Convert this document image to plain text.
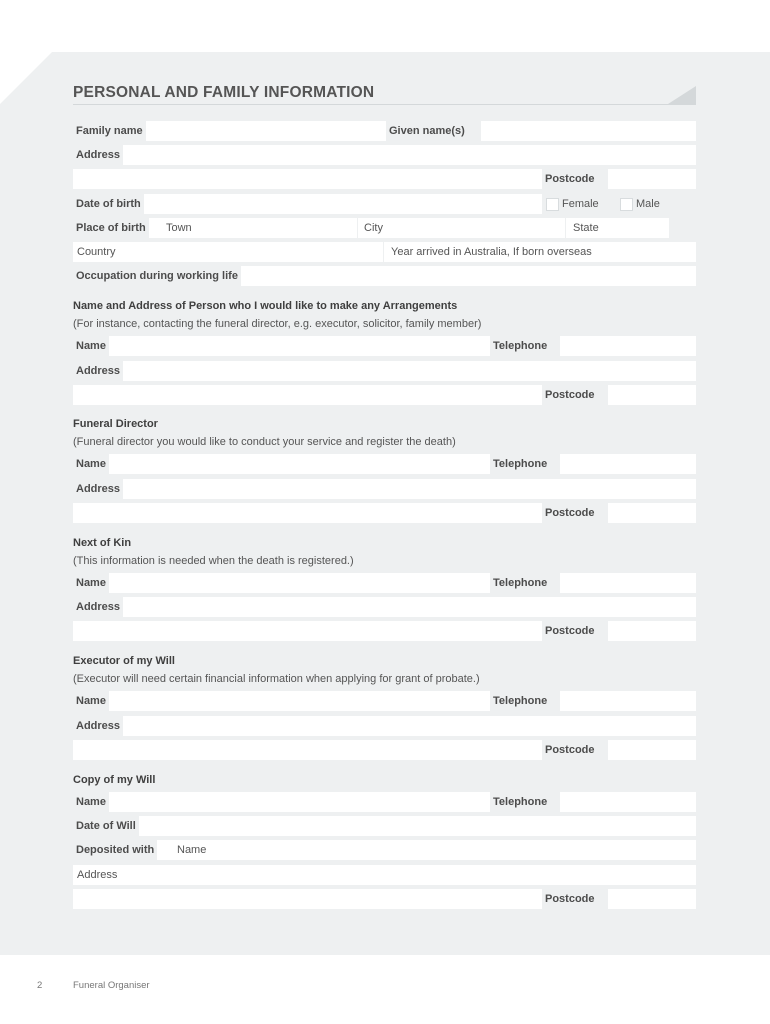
PERSONAL AND FAMILY INFORMATION
Family name	Given name(s)
Address
Postcode
Date of birth	Female	Male
Place of birth Town	City	State
Country	Year arrived in Australia, If born overseas
Occupation during working life
Name and Address of Person who I would like to make any Arrangements
(For instance, contacting the funeral director, e.g. executor, solicitor, family member)
Name	Telephone
Address
Postcode
Funeral Director
(Funeral director you would like to conduct your service and register the death)
Name	Telephone
Address
Postcode
Next of Kin
(This information is needed when the death is registered.)
Name	Telephone
Address
Postcode
Executor of my Will
(Executor will need certain financial information when applying for grant of probate.)
Name	Telephone
Address
Postcode
Copy of my Will
Name	Telephone
Date of Will
Deposited with Name
Address
Postcode
2	Funeral Organiser
